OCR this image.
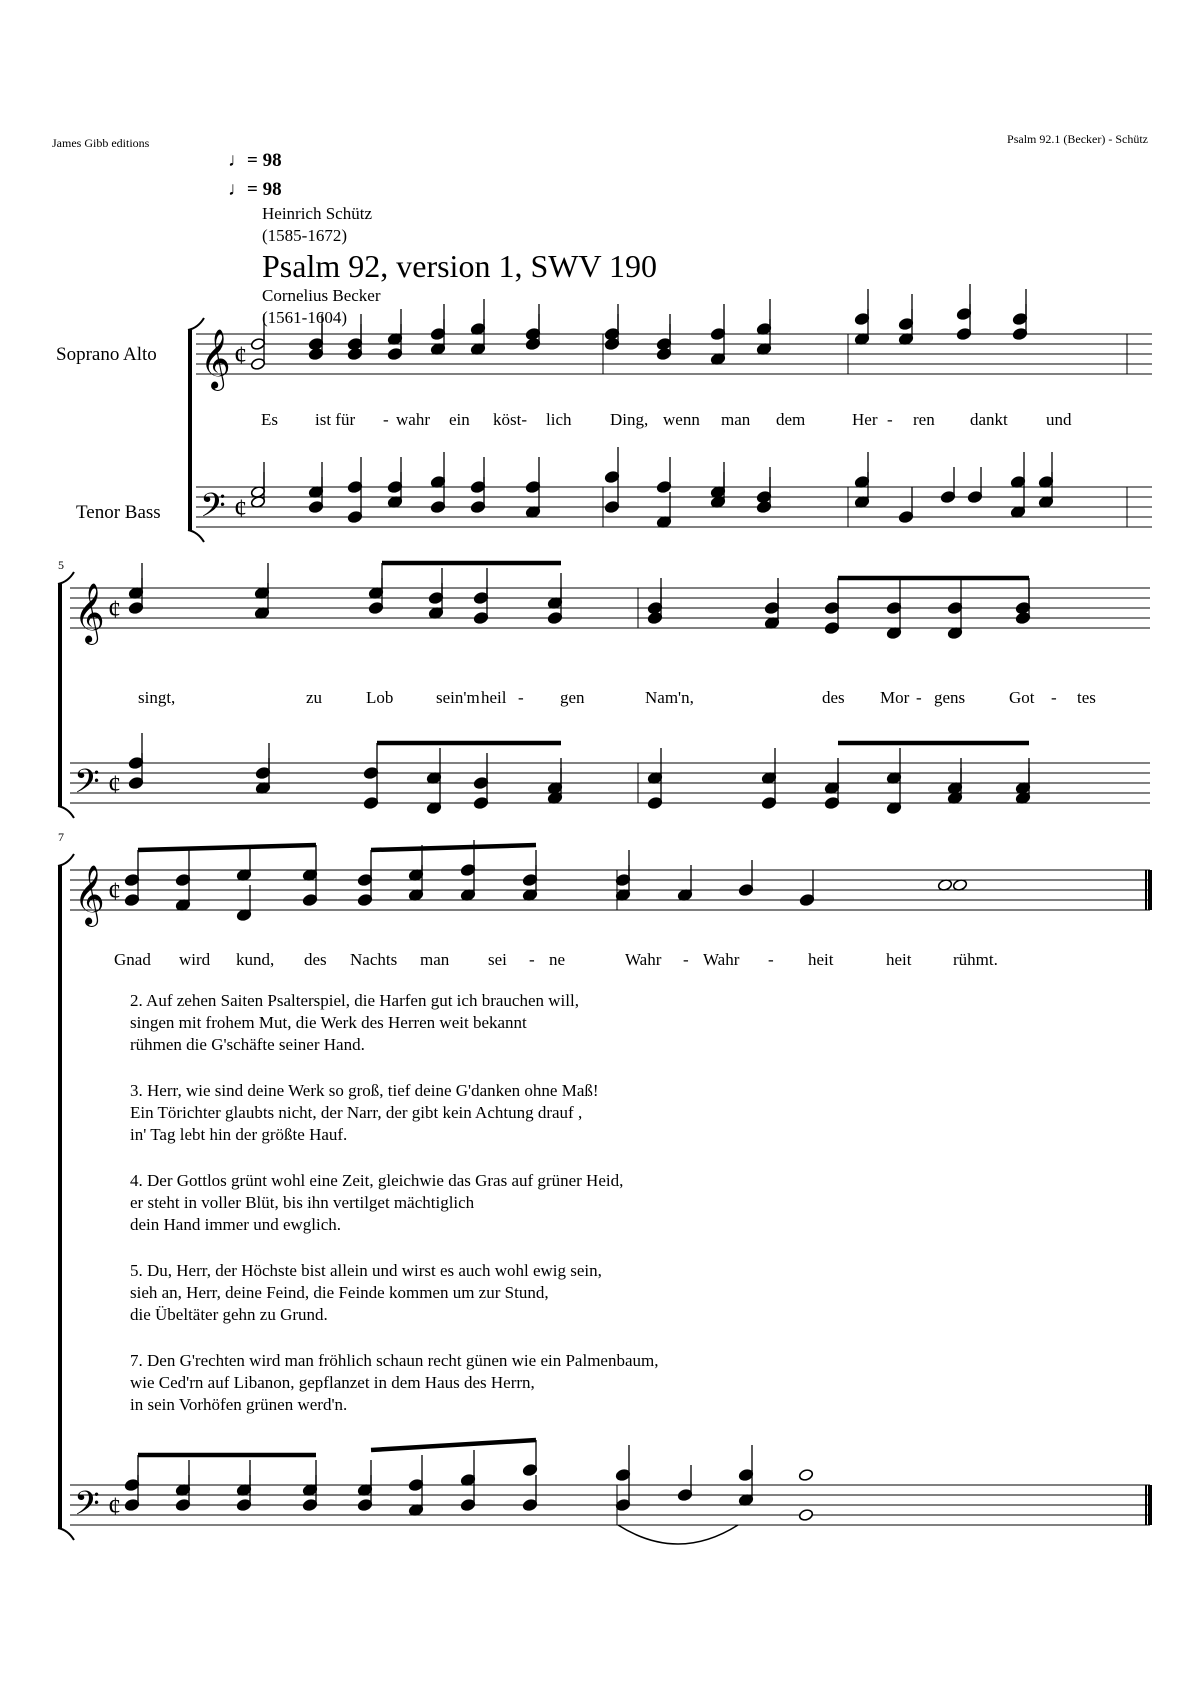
James Gibb editions	Psalm 92.1 (Becker) - Schütz
♩= 98
♩= 98
Heinrich Schütz
(1585-1672)
Psalm 92, version 1, SWV 190
Cornelius Becker
(1561-1604)
Soprano Alto
Tenor Bass
5
7
Es ist für - wahr ein köst- lich Ding, wenn man dem	Her - ren dankt und
singt,	zu	Lob	sein'm heil - gen	Nam'n,	des Mor - gens	Got - tes
Gnad wird kund, des Nachts man sei - ne	Wahr - Wahr - heit	heit rühmt.
2. Auf zehen Saiten Psalterspiel, die Harfen gut ich brauchen will,
singen mit frohem Mut, die Werk des Herren weit bekannt
rühmen die G'schäfte seiner Hand.
3. Herr, wie sind deine Werk so groß, tief deine G'danken ohne Maß!
Ein Törichter glaubts nicht, der Narr, der gibt kein Achtung drauf ,
in' Tag lebt hin der größte Hauf.
4. Der Gottlos grünt wohl eine Zeit, gleichwie das Gras auf grüner Heid,
er steht in voller Blüt, bis ihn vertilget mächtiglich
dein Hand immer und ewglich.
5. Du, Herr, der Höchste bist allein und wirst es auch wohl ewig sein,
sieh an, Herr, deine Feind, die Feinde kommen um zur Stund,
die Übeltäter gehn zu Grund.
7. Den G'rechten wird man fröhlich schaun recht günen wie ein Palmenbaum,
wie Ced'rn auf Libanon, gepflanzet in dem Haus des Herrn,
in sein Vorhöfen grünen werd'n.
𝄞 ¢
𝄢 ¢
𝄞 ¢
𝄢 ¢
𝄞 ¢
𝄢 ¢
